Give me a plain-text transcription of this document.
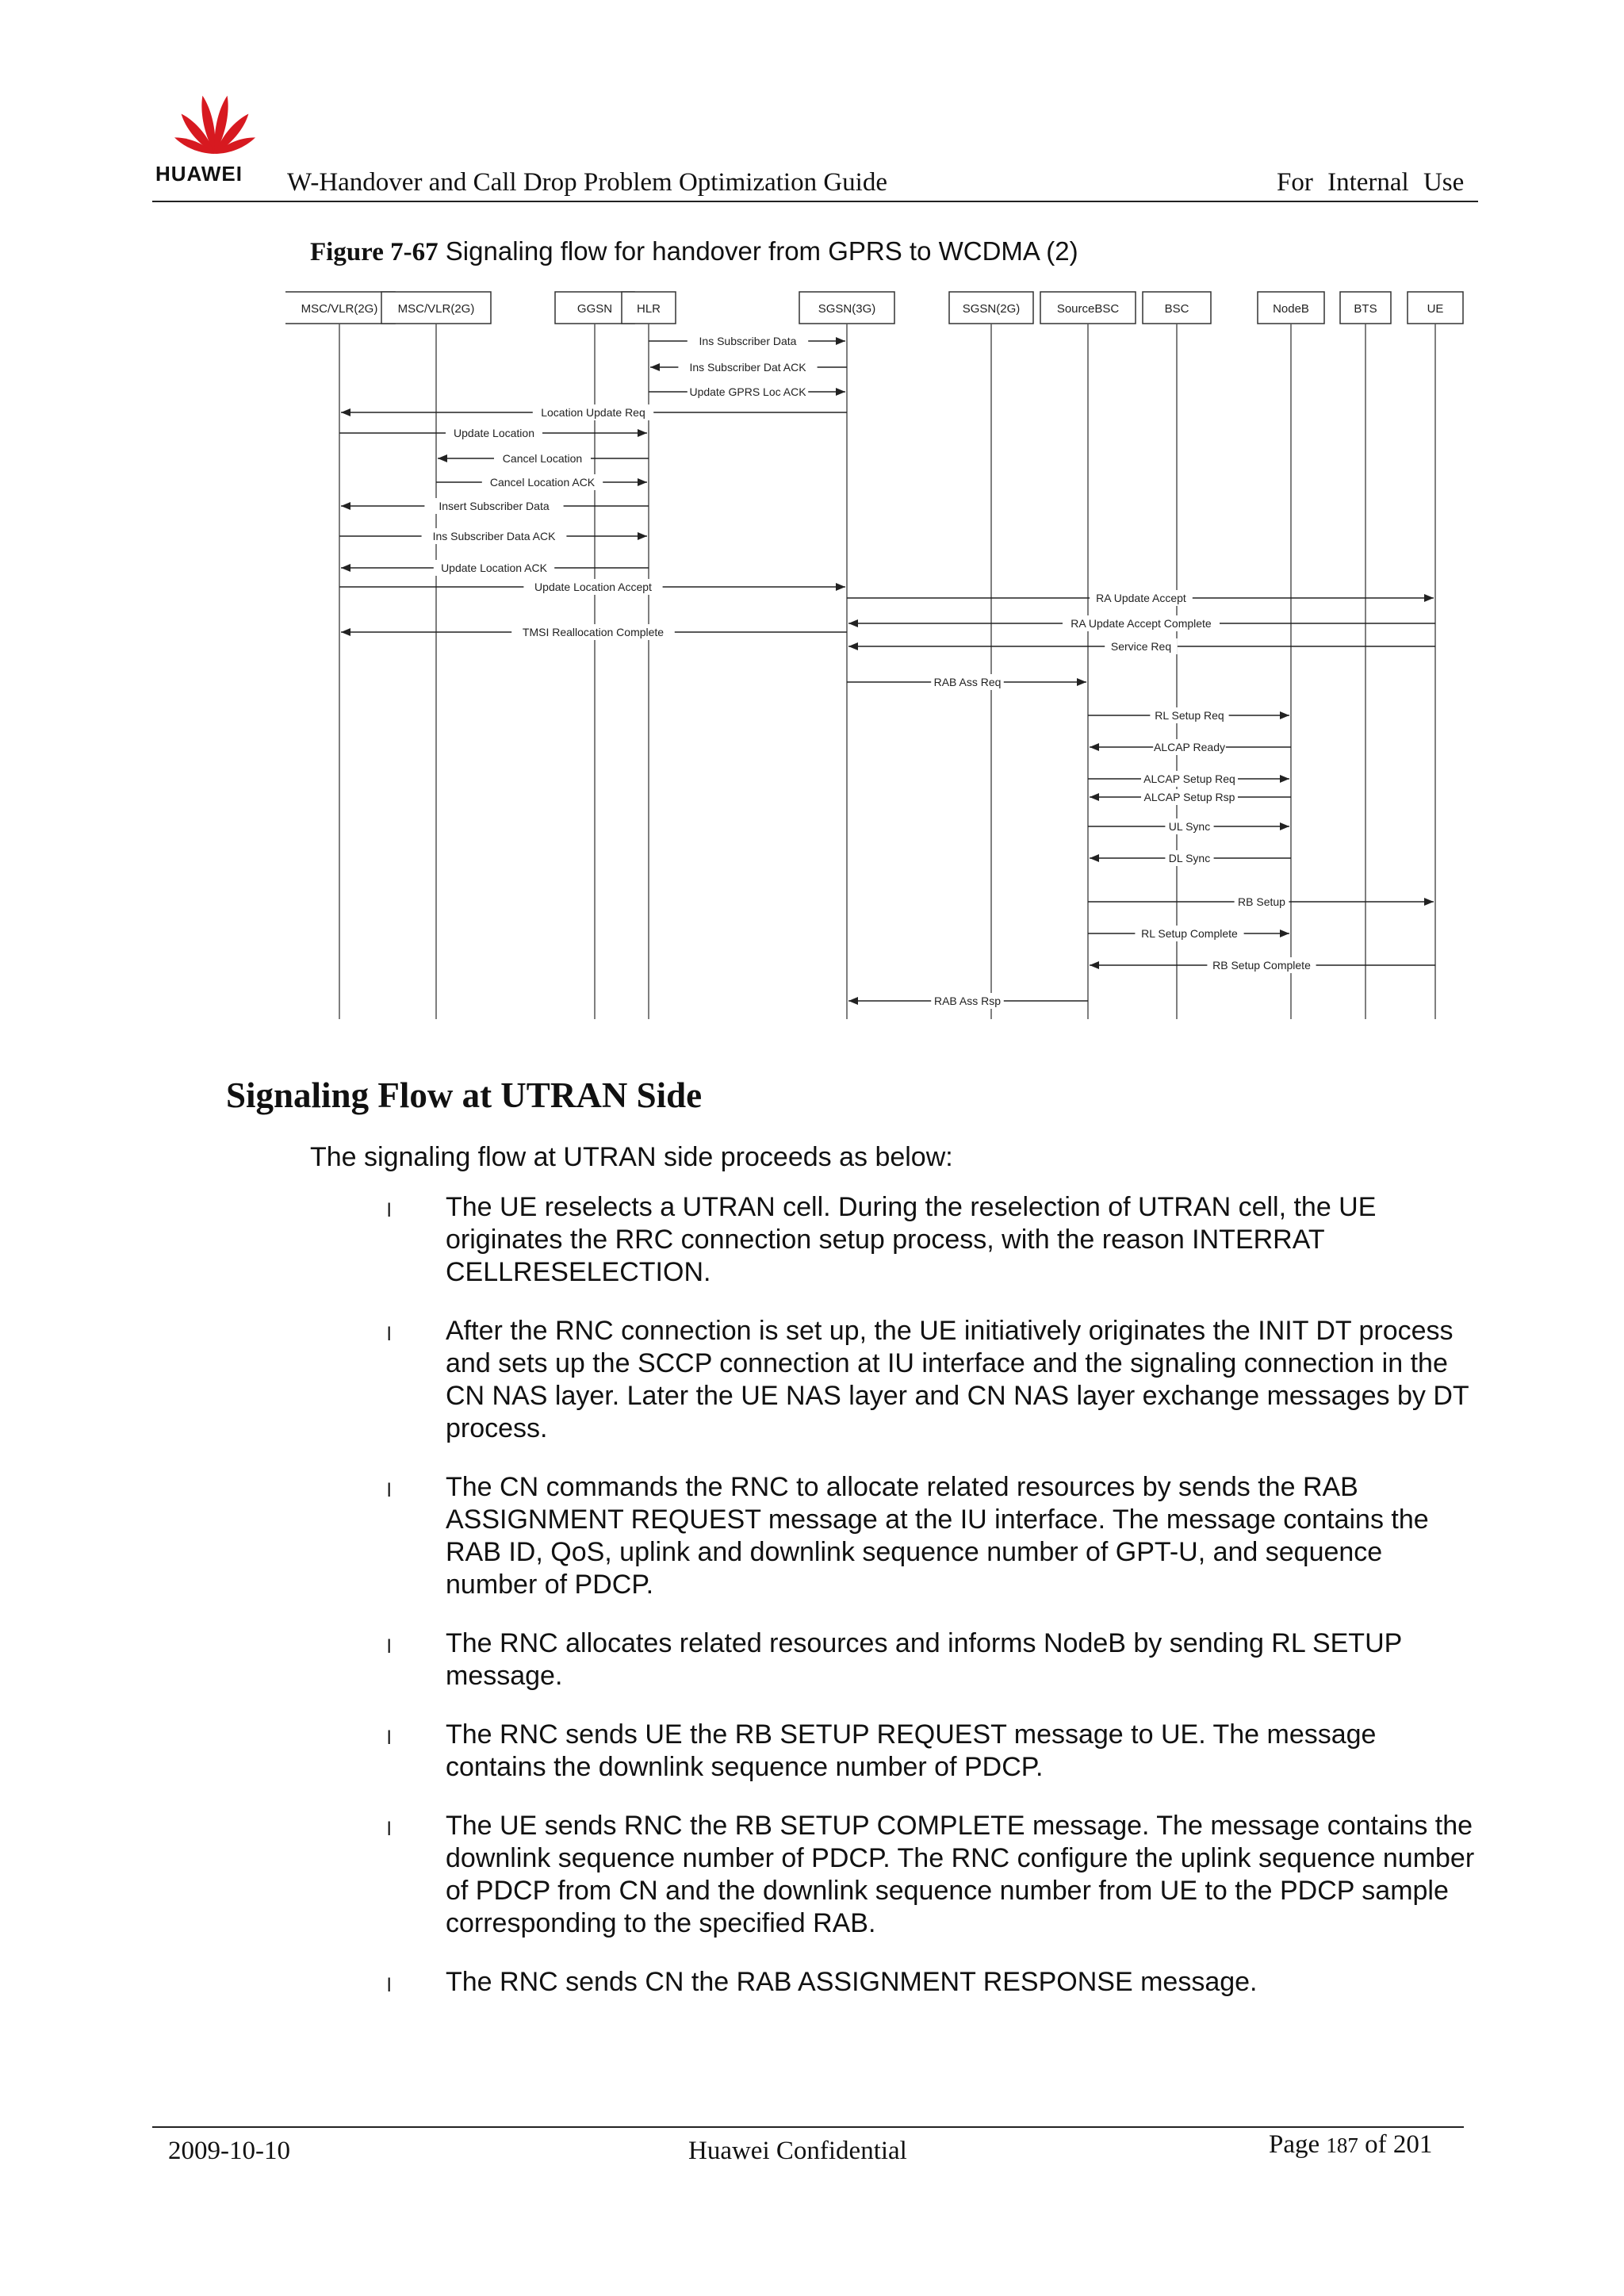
HUAWEI W-Handover and Call Drop Problem Optimization Guide	For Internal Use
Figure 7-67 Signaling flow for handover from GPRS to WCDMA (2)
MSC/VLR(2G) MSC/VLR(2G)	GGSN HLR	SGSN(3G)	SGSN(2G)	SourceBSC	BSC	NodeB	BTS	UE
Ins Subscriber Data
Ins Subscriber Dat ACK
Update GPRS Loc ACK
Location Update Req
Update Location
Cancel Location
Cancel Location ACK
Insert Subscriber Data
Ins Subscriber Data ACK
Update Location ACK
Update Location Accept
RA Update Accept
TMSI Reallocation Complete
RA Update Accept Complete
Service Req
RAB Ass Req
RL Setup Req
ALCAP Ready
ALCAP Setup Req
ALCAP Setup Rsp
UL Sync
DL Sync
RB Setup
RL Setup Complete
RB Setup Complete
RAB Ass Rsp
Signaling Flow at UTRAN Side
The signaling flow at UTRAN side proceeds as below:
l The UE reselects a UTRAN cell. During the reselection of UTRAN cell, the UE originates the RRC connection setup process, with the reason INTERRAT CELLRESELECTION.
l After the RNC connection is set up, the UE initiatively originates the INIT DT process and sets up the SCCP connection at IU interface and the signaling connection in the CN NAS layer. Later the UE NAS layer and CN NAS layer exchange messages by DT process.
l The CN commands the RNC to allocate related resources by sends the RAB ASSIGNMENT REQUEST message at the IU interface. The message contains the RAB ID, QoS, uplink and downlink sequence number of GPT-U, and sequence number of PDCP.
l The RNC allocates related resources and informs NodeB by sending RL SETUP message.
l The RNC sends UE the RB SETUP REQUEST message to UE. The message contains the downlink sequence number of PDCP.
l The UE sends RNC the RB SETUP COMPLETE message. The message contains the downlink sequence number of PDCP. The RNC configure the uplink sequence number of PDCP from CN and the downlink sequence number from UE to the PDCP sample corresponding to the specified RAB.
l The RNC sends CN the RAB ASSIGNMENT RESPONSE message.
2009-10-10	Huawei Confidential	Page 187 of 201
